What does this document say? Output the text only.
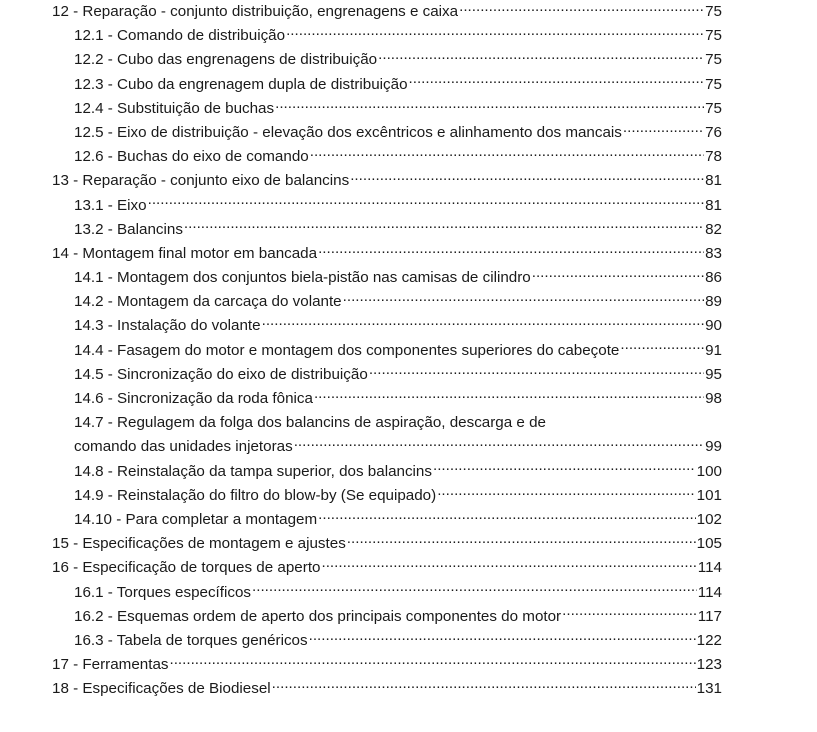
12 - Reparação - conjunto distribuição, engrenagens e caixa .....	75
12.1 - Comando de distribuição .....	75
12.2 - Cubo das engrenagens de distribuição .....	75
12.3 - Cubo da engrenagem dupla de distribuição .....	75
12.4 - Substituição de buchas .....	75
12.5 - Eixo de distribuição - elevação dos excêntricos e alinhamento dos mancais .....	76
12.6 - Buchas do eixo de comando .....	78
13 - Reparação - conjunto eixo de balancins .....	81
13.1 - Eixo .....	81
13.2 - Balancins .....	82
14 - Montagem final motor em bancada .....	83
14.1 - Montagem dos conjuntos biela-pistão nas camisas de cilindro .....	86
14.2 - Montagem da carcaça do volante .....	89
14.3 - Instalação do volante .....	90
14.4 - Fasagem do motor e montagem dos componentes superiores do cabeçote .....	91
14.5 - Sincronização do eixo de distribuição .....	95
14.6 - Sincronização da roda fônica .....	98
14.7 - Regulagem da folga dos balancins de aspiração, descarga e de
comando das unidades injetoras .....	99
14.8 - Reinstalação da tampa superior, dos balancins .....	100
14.9 - Reinstalação do filtro do blow-by (Se equipado) .....	101
14.10 - Para completar a montagem .....	102
15 - Especificações de montagem e ajustes .....	105
16 - Especificação de torques de aperto .....	114
16.1 - Torques específicos .....	114
16.2 - Esquemas ordem de aperto dos principais componentes do motor .....	117
16.3 - Tabela de torques genéricos .....	122
17 - Ferramentas .....	123
18 - Especificações de Biodiesel .....	131
